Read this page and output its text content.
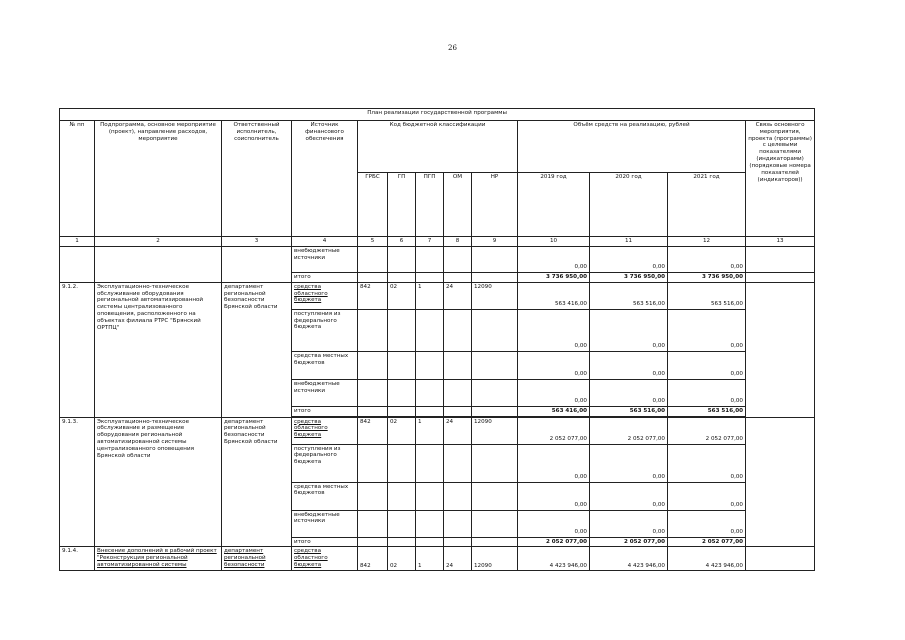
26
План реализации государственной программы												
№ пп	Подпрограмма, основное мероприятие (проект), направление расходов, мероприятие	Ответственный исполнитель, соисполнитель	Источник финансового обеспечения	Код бюджетной классификации					Объём средств на реализацию, рублей			Связь основного мероприятия, проекта (программы) с целевыми показателями (индикаторами) (порядковые номера показателей (индикаторов))
				ГРБС	ГП	ПГП	ОМ	НР	2019 год	2020 год	2021 год	
1	2	3	4	5	6	7	8	9	10	11	12	13
			внебюджетные источники						0,00	0,00	0,00	
			итого						3 736 950,00	3 736 950,00	3 736 950,00	
9.1.2.	Эксплуатационно-техническое обслуживание оборудования региональной автоматизированной системы централизованного оповещения, расположенного на объектах филиала РТРС "Брянский ОРТПЦ"	департамент региональной безопасности Брянской области	средства областного бюджета	842	02	1	24	12090	563 416,00	563 516,00	563 516,00	
			поступления из федерального бюджета						0,00	0,00	0,00	
			средства местных бюджетов						0,00	0,00	0,00	
			внебюджетные источники						0,00	0,00	0,00	
			итого						563 416,00	563 516,00	563 516,00	

9.1.3.	Эксплуатационно-техническое обслуживание и размещение оборудования региональной автоматизированной системы централизованного оповещения Брянской области	департамент региональной безопасности Брянской области	средства областного бюджета	842	02	1	24	12090	2 052 077,00	2 052 077,00	2 052 077,00	
			поступления из федерального бюджета						0,00	0,00	0,00	
			средства местных бюджетов						0,00	0,00	0,00	
			внебюджетные источники						0,00	0,00	0,00	
			итого						2 052 077,00	2 052 077,00	2 052 077,00	
9.1.4.	Внесение дополнений в рабочий проект "Реконструкция региональной автоматизированной системы	департамент региональной безопасности	средства областного бюджета	842	02	1	24	12090	4 423 946,00	4 423 946,00	4 423 946,00	
